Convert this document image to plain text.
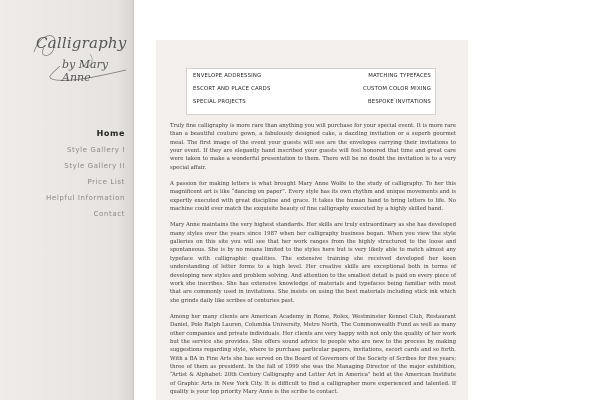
Calligraphy
by Mary Anne
Home
Style Gallery I
Style Gallery II
Price List
Helpful Information
Contact
ENVELOPE ADDRESSING	MATCHING TYPEFACES
ESCORT AND PLACE CARDS	CUSTOM COLOR MIXING
SPECIAL PROJECTS	BESPOKE INVITATIONS

Truly fine calligraphy is more rare than anything you will purchase for your special event. It is more rare than a beautiful couture gown, a fabulously designed cake, a dazzling invitation or a superb gourmet meal. The first image of the event your guests will see are the envelopes carrying their invitations to your event. If they are elegantly hand inscribed your guests will feel honored that time and great care were taken to make a wonderful presentation to them. There will be no doubt the invitation is to a very special affair.

A passion for making letters is what brought Mary Anne Wolfe to the study of calligraphy. To her this magnificent art is like “dancing on paper”. Every style has its own rhythm and unique movements and is expertly executed with great discipline and grace. It takes the human hand to bring letters to life. No machine could ever match the exquisite beauty of fine calligraphy executed by a highly skilled hand.

Mary Anne maintains the very highest standards. Her skills are truly extraordinary as she has developed many styles over the years since 1987 when her calligraphy business began. When you view the style galleries on this site you will see that her work ranges from the highly structured to the loose and spontaneous. She is by no means limited to the styles here but is very likely able to match almost any typeface with calligraphic qualities. The extensive training she received developed her keen understanding of letter forms to a high level. Her creative skills are exceptional both in terms of developing new styles and problem solving. And attention to the smallest detail is paid on every piece of work she inscribes. She has extensive knowledge of materials and typefaces being familiar with most that are commonly used in invitations. She insists on using the best materials including stick ink which she grinds daily like scribes of centuries past.

Among her many clients are American Academy in Rome, Rolex, Westminster Kennel Club, Restaurant Daniel, Polo Ralph Lauren, Columbia University, Metro North, The Commonwealth Fund as well as many other companies and private individuals. Her clients are very happy with not only the quality of her work but the service she provides. She offers sound advice to people who are new to the process by making suggestions regarding style, where to purchase particular papers, invitations, escort cards and so forth. With a BA in Fine Arts she has served on the Board of Governors of the Society of Scribes for five years; three of them as president. In the fall of 1999 she was the Managing Director of the major exhibition, “Artist & Alphabet: 20th Century Calligraphy and Letter Art in America” held at the American Institute of Graphic Arts in New York City. It is difficult to find a calligrapher more experienced and talented. If quality is your top priority Mary Anne is the scribe to contact.
